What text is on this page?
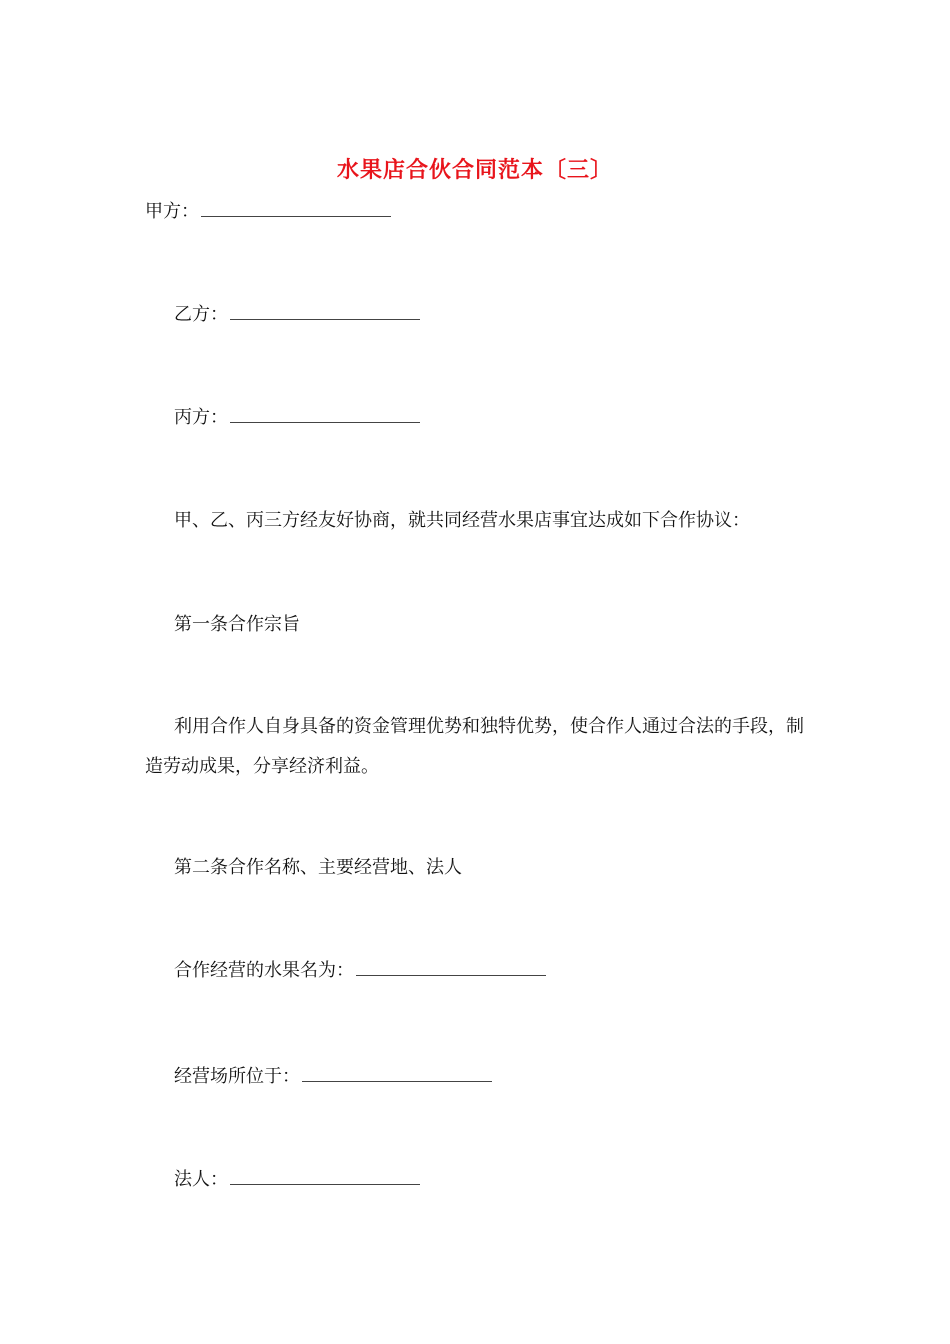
水果店合伙合同范本〔三〕
甲方：
乙方：
丙方：
甲、乙、丙三方经友好协商，就共同经营水果店事宜达成如下合作协议：
第一条合作宗旨
利用合作人自身具备的资金管理优势和独特优势，使合作人通过合法的手段，制造劳动成果，分享经济利益。
第二条合作名称、主要经营地、法人
合作经营的水果名为：
经营场所位于：
法人：
